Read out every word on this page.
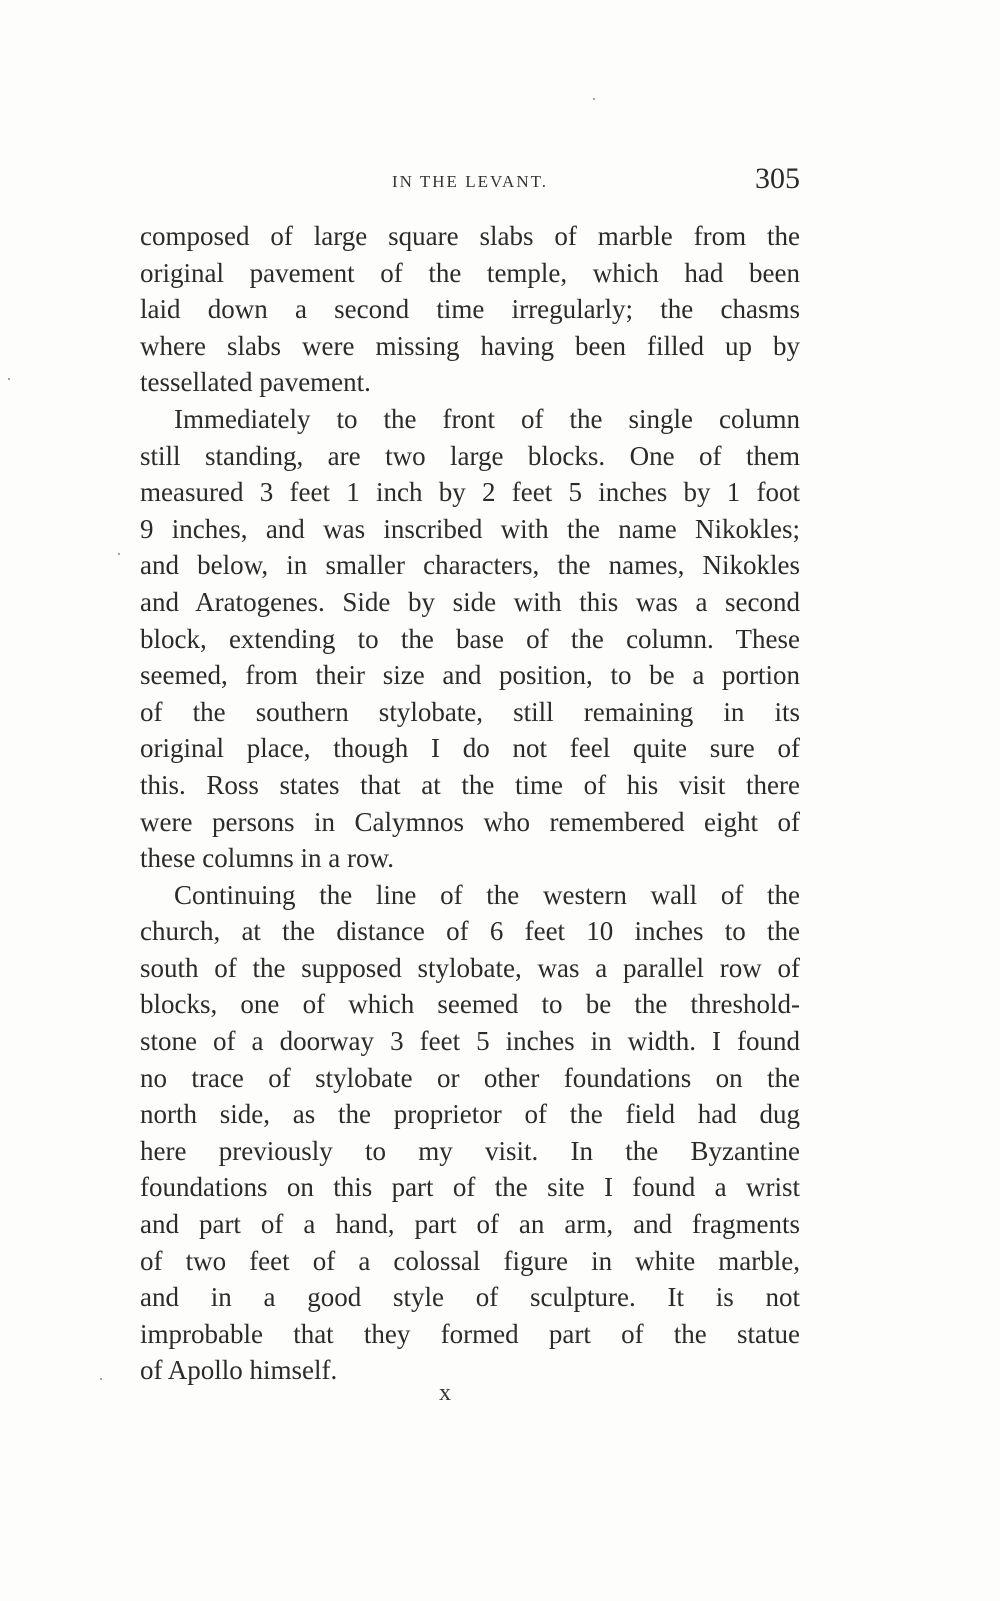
IN THE LEVANT.	305

composed of large square slabs of marble from the
original pavement of the temple, which had been
laid down a second time irregularly; the chasms
where slabs were missing having been filled up by
tessellated pavement.

Immediately to the front of the single column
still standing, are two large blocks. One of them
measured 3 feet 1 inch by 2 feet 5 inches by 1 foot
9 inches, and was inscribed with the name Nikokles;
and below, in smaller characters, the names, Nikokles
and Aratogenes. Side by side with this was a second
block, extending to the base of the column. These
seemed, from their size and position, to be a portion
of the southern stylobate, still remaining in its
original place, though I do not feel quite sure of
this. Ross states that at the time of his visit there
were persons in Calymnos who remembered eight of
these columns in a row.

Continuing the line of the western wall of the
church, at the distance of 6 feet 10 inches to the
south of the supposed stylobate, was a parallel row of
blocks, one of which seemed to be the threshold-
stone of a doorway 3 feet 5 inches in width. I found
no trace of stylobate or other foundations on the
north side, as the proprietor of the field had dug
here previously to my visit. In the Byzantine
foundations on this part of the site I found a wrist
and part of a hand, part of an arm, and fragments
of two feet of a colossal figure in white marble,
and in a good style of sculpture. It is not
improbable that they formed part of the statue
of Apollo himself.

x
